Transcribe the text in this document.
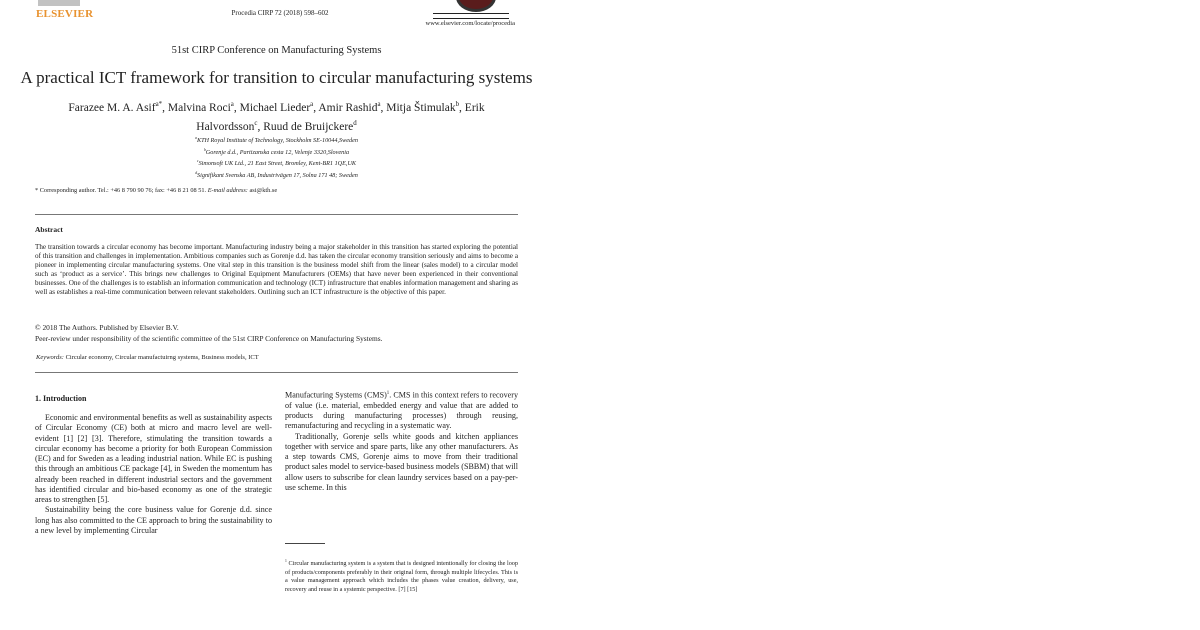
ELSEVIER	Procedia CIRP 72 (2018) 598–602
www.elsevier.com/locate/procedia
51st CIRP Conference on Manufacturing Systems
A practical ICT framework for transition to circular manufacturing systems
Farazee M. A. Asif$^{a*}$, Malvina Roci$^a$, Michael Lieder$^a$, Amir Rashid$^a$, Mitja Štimulak$^b$, Erik Halvordsson$^c$, Ruud de Bruijckere$^d$
$^a$KTH Royal Institute of Technology, Stockholm SE-10044,Sweden
$^b$Gorenje d.d., Partizanska cesta 12, Velenje 3320,Slovenia
$^c$Simonsoft UK Ltd., 21 East Street, Bromley, Kent-BR1 1QE,UK
$^d$Signifikant Svenska AB, Industrivägen 17, Solna 171 48; Sweden
* Corresponding author. Tel.: +46 8 790 90 76; fax: +46 8 21 08 51. E-mail address: asi@kth.se
Abstract
The transition towards a circular economy has become important. Manufacturing industry being a major stakeholder in this transition has started exploring the potential of this transition and challenges in implementation. Ambitious companies such as Gorenje d.d. has taken the circular economy transition seriously and aims to become a pioneer in implementing circular manufacturing systems. One vital step in this transition is the business model shift from the linear (sales model) to a circular model such as ‘product as a service’. This brings new challenges to Original Equipment Manufacturers (OEMs) that have never been experienced in their conventional businesses. One of the challenges is to establish an information communication and technology (ICT) infrastructure that enables information management and sharing as well as establishes a real-time communication between relevant stakeholders. Outlining such an ICT infrastructure is the objective of this paper.
© 2018 The Authors. Published by Elsevier B.V.
Peer-review under responsibility of the scientific committee of the 51st CIRP Conference on Manufacturing Systems.
Keywords: Circular economy, Circular manufactuirng systems, Business models, ICT
1. Introduction

Economic and environmental benefits as well as sustainability aspects of Circular Economy (CE) both at micro and macro level are well-evident [1] [2] [3]. Therefore, stimulating the transition towards a circular economy has become a priority for both European Commission (EC) and for Sweden as a leading industrial nation. While EC is pushing this through an ambitious CE package [4], in Sweden the momentum has already been reached in different industrial sectors and the government has identified circular and bio-based economy as one of the strategic areas to strengthen [5].

Sustainability being the core business value for Gorenje d.d. since long has also committed to the CE approach to bring the sustainability to a new level by implementing Circular

Manufacturing Systems (CMS)$^1$. CMS in this context refers to recovery of value (i.e. material, embedded energy and value that are added to products during manufacturing processes) through reusing, remanufacturing and recycling in a systematic way.

Traditionally, Gorenje sells white goods and kitchen appliances together with service and spare parts, like any other manufacturers. As a step towards CMS, Gorenje aims to move from their traditional product sales model to service-based business models (SBBM) that will allow users to subscribe for clean laundry services based on a pay-per-use scheme. In this

$^1$ Circular manufacturing system is a system that is designed intentionally for closing the loop of products/components preferably in their original form, through multiple lifecycles. This is a value management approach which includes the phases value creation, delivery, use, recovery and reuse in a systemic perspective. [7] [15]
